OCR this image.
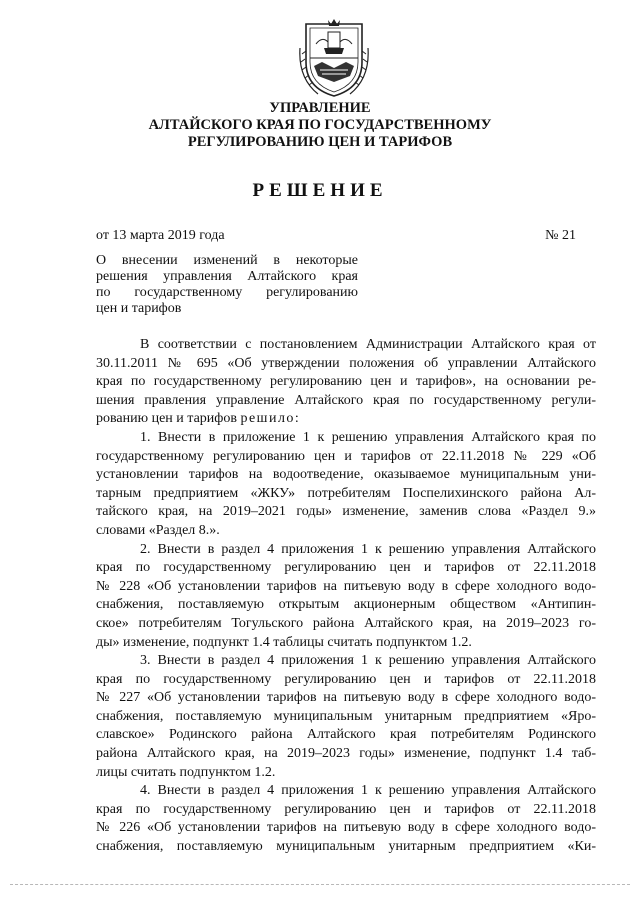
УПРАВЛЕНИЕ
АЛТАЙСКОГО КРАЯ ПО ГОСУДАРСТВЕННОМУ
РЕГУЛИРОВАНИЮ ЦЕН И ТАРИФОВ
РЕШЕНИЕ
от 13 марта 2019 года	№ 21
О внесении изменений в некоторые
решения управления Алтайского края
по государственному регулированию
цен и тарифов
В соответствии с постановлением Администрации Алтайского края от
30.11.2011 № 695 «Об утверждении положения об управлении Алтайского
края по государственному регулированию цен и тарифов», на основании ре-
шения правления управление Алтайского края по государственному регули-
рованию цен и тарифов решило:
1. Внести в приложение 1 к решению управления Алтайского края по
государственному регулированию цен и тарифов от 22.11.2018 № 229 «Об
установлении тарифов на водоотведение, оказываемое муниципальным уни-
тарным предприятием «ЖКУ» потребителям Поспелихинского района Ал-
тайского края, на 2019–2021 годы» изменение, заменив слова «Раздел 9.»
словами «Раздел 8.».
2. Внести в раздел 4 приложения 1 к решению управления Алтайского
края по государственному регулированию цен и тарифов от 22.11.2018
№ 228 «Об установлении тарифов на питьевую воду в сфере холодного водо-
снабжения, поставляемую открытым акционерным обществом «Антипин-
ское» потребителям Тогульского района Алтайского края, на 2019–2023 го-
ды» изменение, подпункт 1.4 таблицы считать подпунктом 1.2.
3. Внести в раздел 4 приложения 1 к решению управления Алтайского
края по государственному регулированию цен и тарифов от 22.11.2018
№ 227 «Об установлении тарифов на питьевую воду в сфере холодного водо-
снабжения, поставляемую муниципальным унитарным предприятием «Яро-
славское» Родинского района Алтайского края потребителям Родинского
района Алтайского края, на 2019–2023 годы» изменение, подпункт 1.4 таб-
лицы считать подпунктом 1.2.
4. Внести в раздел 4 приложения 1 к решению управления Алтайского
края по государственному регулированию цен и тарифов от 22.11.2018
№ 226 «Об установлении тарифов на питьевую воду в сфере холодного водо-
снабжения, поставляемую муниципальным унитарным предприятием «Ки-
